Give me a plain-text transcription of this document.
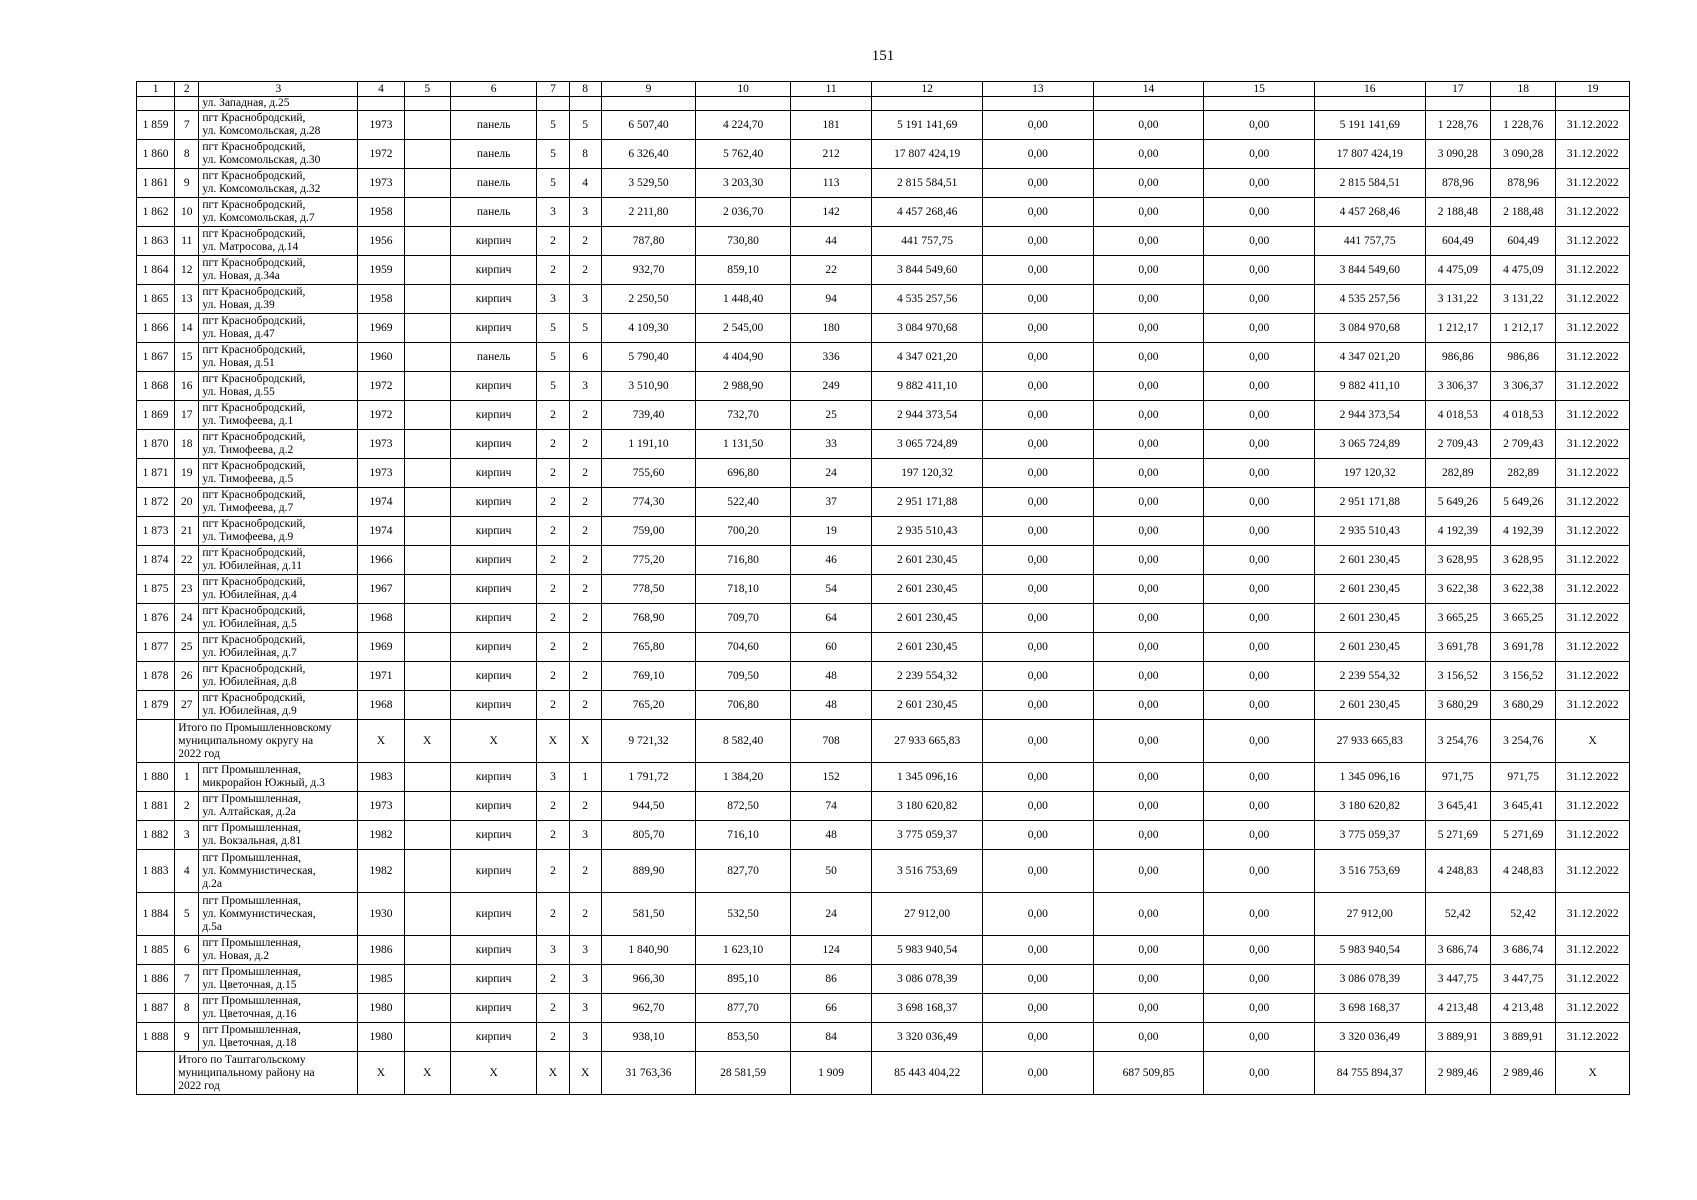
151
1	2	3	4	5	6	7	8	9	10	11	12	13	14	15	16	17	18	19

		ул. Западная, д.25																

1 859	7	пгт Краснобродский,
ул. Комсомольская, д.28	1973		панель	5	5	6 507,40	4 224,70	181	5 191 141,69	0,00	0,00	0,00	5 191 141,69	1 228,76	1 228,76	31.12.2022
1 860	8	пгт Краснобродский,
ул. Комсомольская, д.30	1972		панель	5	8	6 326,40	5 762,40	212	17 807 424,19	0,00	0,00	0,00	17 807 424,19	3 090,28	3 090,28	31.12.2022
1 861	9	пгт Краснобродский,
ул. Комсомольская, д.32	1973		панель	5	4	3 529,50	3 203,30	113	2 815 584,51	0,00	0,00	0,00	2 815 584,51	878,96	878,96	31.12.2022
1 862	10	пгт Краснобродский,
ул. Комсомольская, д.7	1958		панель	3	3	2 211,80	2 036,70	142	4 457 268,46	0,00	0,00	0,00	4 457 268,46	2 188,48	2 188,48	31.12.2022
1 863	11	пгт Краснобродский,
ул. Матросова, д.14	1956		кирпич	2	2	787,80	730,80	44	441 757,75	0,00	0,00	0,00	441 757,75	604,49	604,49	31.12.2022
1 864	12	пгт Краснобродский,
ул. Новая, д.34а	1959		кирпич	2	2	932,70	859,10	22	3 844 549,60	0,00	0,00	0,00	3 844 549,60	4 475,09	4 475,09	31.12.2022
1 865	13	пгт Краснобродский,
ул. Новая, д.39	1958		кирпич	3	3	2 250,50	1 448,40	94	4 535 257,56	0,00	0,00	0,00	4 535 257,56	3 131,22	3 131,22	31.12.2022
1 866	14	пгт Краснобродский,
ул. Новая, д.47	1969		кирпич	5	5	4 109,30	2 545,00	180	3 084 970,68	0,00	0,00	0,00	3 084 970,68	1 212,17	1 212,17	31.12.2022
1 867	15	пгт Краснобродский,
ул. Новая, д.51	1960		панель	5	6	5 790,40	4 404,90	336	4 347 021,20	0,00	0,00	0,00	4 347 021,20	986,86	986,86	31.12.2022
1 868	16	пгт Краснобродский,
ул. Новая, д.55	1972		кирпич	5	3	3 510,90	2 988,90	249	9 882 411,10	0,00	0,00	0,00	9 882 411,10	3 306,37	3 306,37	31.12.2022
1 869	17	пгт Краснобродский,
ул. Тимофеева, д.1	1972		кирпич	2	2	739,40	732,70	25	2 944 373,54	0,00	0,00	0,00	2 944 373,54	4 018,53	4 018,53	31.12.2022
1 870	18	пгт Краснобродский,
ул. Тимофеева, д.2	1973		кирпич	2	2	1 191,10	1 131,50	33	3 065 724,89	0,00	0,00	0,00	3 065 724,89	2 709,43	2 709,43	31.12.2022
1 871	19	пгт Краснобродский,
ул. Тимофеева, д.5	1973		кирпич	2	2	755,60	696,80	24	197 120,32	0,00	0,00	0,00	197 120,32	282,89	282,89	31.12.2022
1 872	20	пгт Краснобродский,
ул. Тимофеева, д.7	1974		кирпич	2	2	774,30	522,40	37	2 951 171,88	0,00	0,00	0,00	2 951 171,88	5 649,26	5 649,26	31.12.2022
1 873	21	пгт Краснобродский,
ул. Тимофеева, д.9	1974		кирпич	2	2	759,00	700,20	19	2 935 510,43	0,00	0,00	0,00	2 935 510,43	4 192,39	4 192,39	31.12.2022
1 874	22	пгт Краснобродский,
ул. Юбилейная, д.11	1966		кирпич	2	2	775,20	716,80	46	2 601 230,45	0,00	0,00	0,00	2 601 230,45	3 628,95	3 628,95	31.12.2022
1 875	23	пгт Краснобродский,
ул. Юбилейная, д.4	1967		кирпич	2	2	778,50	718,10	54	2 601 230,45	0,00	0,00	0,00	2 601 230,45	3 622,38	3 622,38	31.12.2022
1 876	24	пгт Краснобродский,
ул. Юбилейная, д.5	1968		кирпич	2	2	768,90	709,70	64	2 601 230,45	0,00	0,00	0,00	2 601 230,45	3 665,25	3 665,25	31.12.2022
1 877	25	пгт Краснобродский,
ул. Юбилейная, д.7	1969		кирпич	2	2	765,80	704,60	60	2 601 230,45	0,00	0,00	0,00	2 601 230,45	3 691,78	3 691,78	31.12.2022
1 878	26	пгт Краснобродский,
ул. Юбилейная, д.8	1971		кирпич	2	2	769,10	709,50	48	2 239 554,32	0,00	0,00	0,00	2 239 554,32	3 156,52	3 156,52	31.12.2022
1 879	27	пгт Краснобродский,
ул. Юбилейная, д.9	1968		кирпич	2	2	765,20	706,80	48	2 601 230,45	0,00	0,00	0,00	2 601 230,45	3 680,29	3 680,29	31.12.2022

	Итого по Промышленновскому
муниципальному округу на
2022 год		X	X	X	X	X	9 721,32	8 582,40	708	27 933 665,83	0,00	0,00	0,00	27 933 665,83	3 254,76	3 254,76	X
1 880	1	пгт Промышленная,
микрорайон Южный, д.3	1983		кирпич	3	1	1 791,72	1 384,20	152	1 345 096,16	0,00	0,00	0,00	1 345 096,16	971,75	971,75	31.12.2022
1 881	2	пгт Промышленная,
ул. Алтайская, д.2а	1973		кирпич	2	2	944,50	872,50	74	3 180 620,82	0,00	0,00	0,00	3 180 620,82	3 645,41	3 645,41	31.12.2022
1 882	3	пгт Промышленная,
ул. Вокзальная, д.81	1982		кирпич	2	3	805,70	716,10	48	3 775 059,37	0,00	0,00	0,00	3 775 059,37	5 271,69	5 271,69	31.12.2022
1 883	4	пгт Промышленная,
ул. Коммунистическая,
д.2а	1982		кирпич	2	2	889,90	827,70	50	3 516 753,69	0,00	0,00	0,00	3 516 753,69	4 248,83	4 248,83	31.12.2022
1 884	5	пгт Промышленная,
ул. Коммунистическая,
д.5а	1930		кирпич	2	2	581,50	532,50	24	27 912,00	0,00	0,00	0,00	27 912,00	52,42	52,42	31.12.2022
1 885	6	пгт Промышленная,
ул. Новая, д.2	1986		кирпич	3	3	1 840,90	1 623,10	124	5 983 940,54	0,00	0,00	0,00	5 983 940,54	3 686,74	3 686,74	31.12.2022
1 886	7	пгт Промышленная,
ул. Цветочная, д.15	1985		кирпич	2	3	966,30	895,10	86	3 086 078,39	0,00	0,00	0,00	3 086 078,39	3 447,75	3 447,75	31.12.2022
1 887	8	пгт Промышленная,
ул. Цветочная, д.16	1980		кирпич	2	3	962,70	877,70	66	3 698 168,37	0,00	0,00	0,00	3 698 168,37	4 213,48	4 213,48	31.12.2022
1 888	9	пгт Промышленная,
ул. Цветочная, д.18	1980		кирпич	2	3	938,10	853,50	84	3 320 036,49	0,00	0,00	0,00	3 320 036,49	3 889,91	3 889,91	31.12.2022

	Итого по Таштагольскому
муниципальному району на
2022 год		X	X	X	X	X	31 763,36	28 581,59	1 909	85 443 404,22	0,00	687 509,85	0,00	84 755 894,37	2 989,46	2 989,46	X
